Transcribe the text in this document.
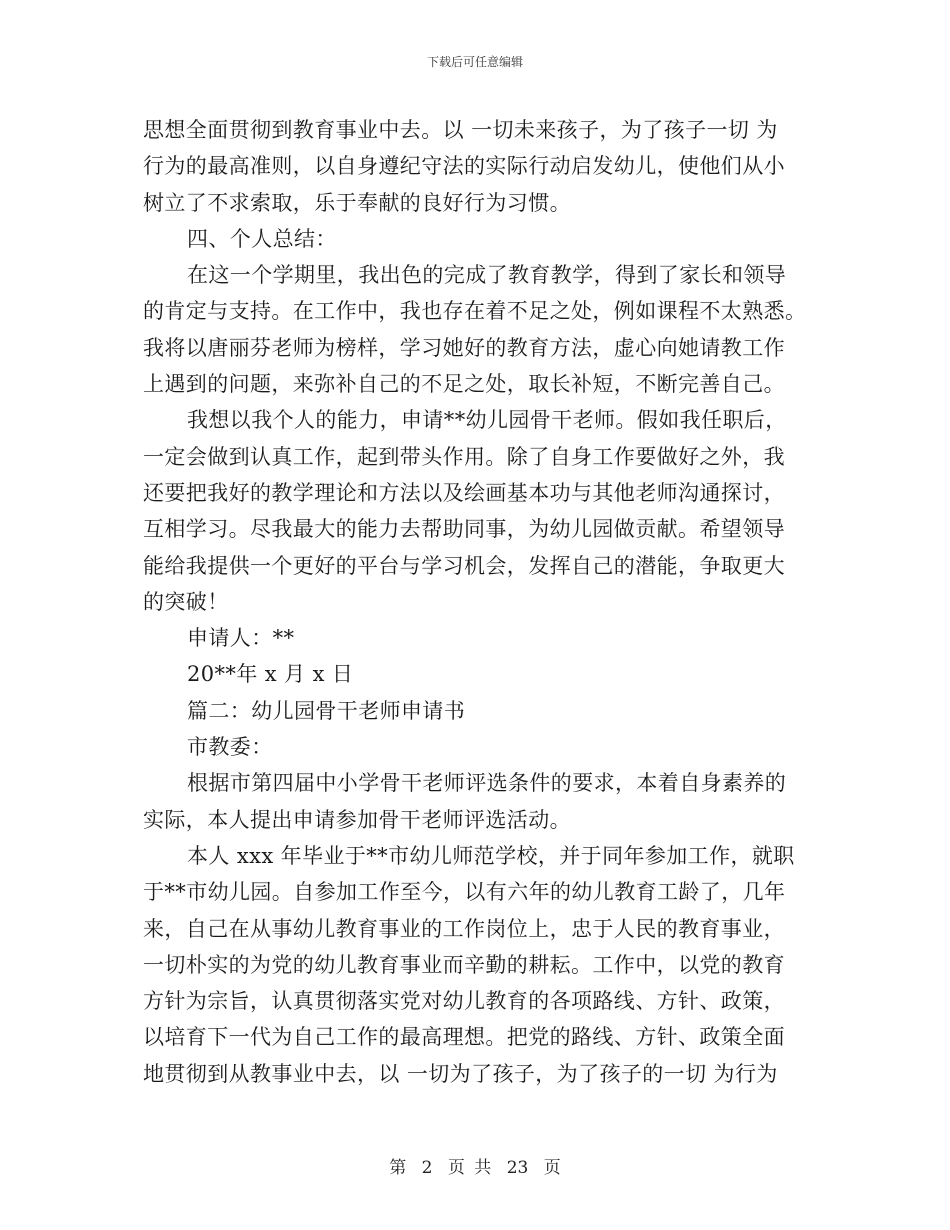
下载后可任意编辑
思想全面贯彻到教育事业中去。以 一切未来孩子，为了孩子一切 为
行为的最高准则，以自身遵纪守法的实际行动启发幼儿，使他们从小
树立了不求索取，乐于奉献的良好行为习惯。
四、个人总结：
在这一个学期里，我出色的完成了教育教学，得到了家长和领导
的肯定与支持。在工作中，我也存在着不足之处，例如课程不太熟悉。
我将以唐丽芬老师为榜样，学习她好的教育方法，虚心向她请教工作
上遇到的问题，来弥补自己的不足之处，取长补短，不断完善自己。
我想以我个人的能力，申请**幼儿园骨干老师。假如我任职后，
一定会做到认真工作，起到带头作用。除了自身工作要做好之外，我
还要把我好的教学理论和方法以及绘画基本功与其他老师沟通探讨，
互相学习。尽我最大的能力去帮助同事，为幼儿园做贡献。希望领导
能给我提供一个更好的平台与学习机会，发挥自己的潜能，争取更大
的突破！
申请人：**
20**年 x 月 x 日
篇二：幼儿园骨干老师申请书
市教委：
根据市第四届中小学骨干老师评选条件的要求，本着自身素养的
实际，本人提出申请参加骨干老师评选活动。
本人 xxx 年毕业于**市幼儿师范学校，并于同年参加工作，就职
于**市幼儿园。自参加工作至今，以有六年的幼儿教育工龄了，几年
来，自己在从事幼儿教育事业的工作岗位上，忠于人民的教育事业，
一切朴实的为党的幼儿教育事业而辛勤的耕耘。工作中，以党的教育
方针为宗旨，认真贯彻落实党对幼儿教育的各项路线、方针、政策，
以培育下一代为自己工作的最高理想。把党的路线、方针、政策全面
地贯彻到从教事业中去，以 一切为了孩子，为了孩子的一切 为行为
第 2 页 共 23 页
